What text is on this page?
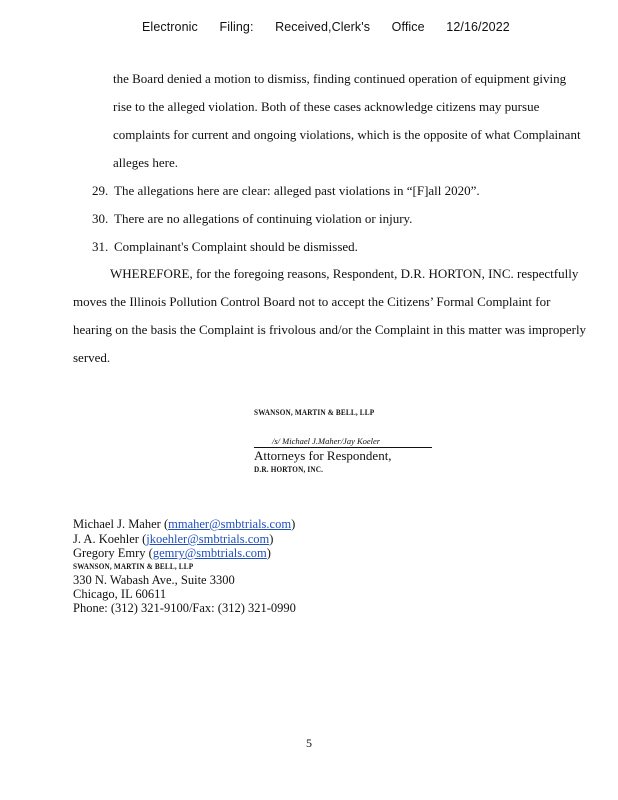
Electronic Filing: Received,Clerk's Office 12/16/2022
the Board denied a motion to dismiss, finding continued operation of equipment giving
rise to the alleged violation. Both of these cases acknowledge citizens may pursue
complaints for current and ongoing violations, which is the opposite of what Complainant
alleges here.
29. The allegations here are clear: alleged past violations in “[F]all 2020”.
30. There are no allegations of continuing violation or injury.
31. Complainant's Complaint should be dismissed.
WHEREFORE, for the foregoing reasons, Respondent, D.R. HORTON, INC. respectfully
moves the Illinois Pollution Control Board not to accept the Citizens’ Formal Complaint for
hearing on the basis the Complaint is frivolous and/or the Complaint in this matter was improperly
served.
SWANSON, MARTIN & BELL, LLP
/s/ Michael J.Maher/Jay Koeler
Attorneys for Respondent,
D.R. HORTON, INC.
Michael J. Maher (mmaher@smbtrials.com)
J. A. Koehler (jkoehler@smbtrials.com)
Gregory Emry (gemry@smbtrials.com)
SWANSON, MARTIN & BELL, LLP
330 N. Wabash Ave., Suite 3300
Chicago, IL 60611
Phone: (312) 321-9100/Fax: (312) 321-0990
5
